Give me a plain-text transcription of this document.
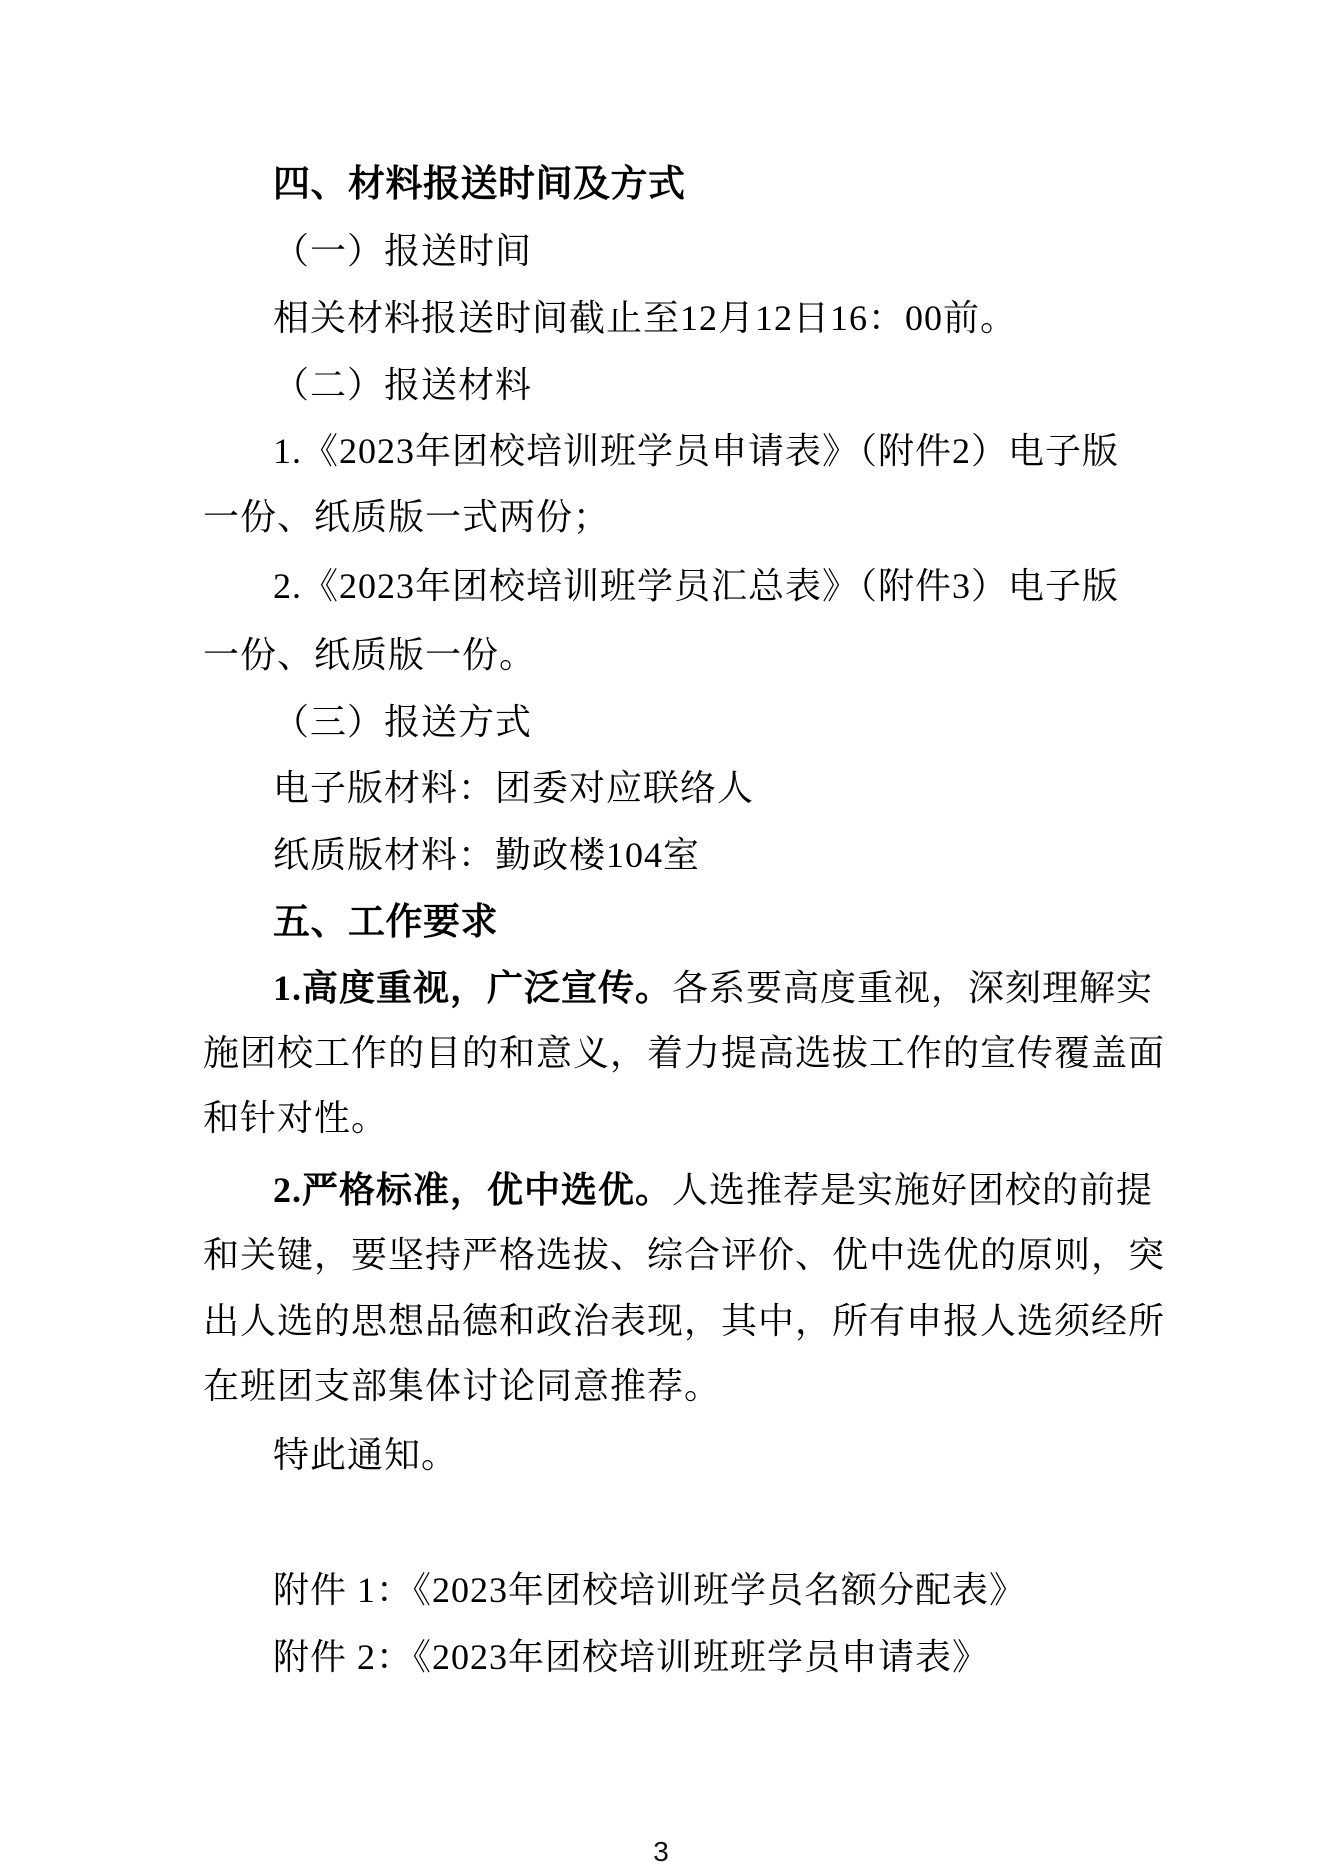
四、材料报送时间及方式
（一）报送时间
相关材料报送时间截止至12月12日16：00前。
（二）报送材料
1.《2023年团校培训班学员申请表》（附件2）电子版
一份、纸质版一式两份；
2.《2023年团校培训班学员汇总表》（附件3）电子版
一份、纸质版一份。
（三）报送方式
电子版材料：团委对应联络人
纸质版材料：勤政楼104室
五、工作要求
1.高度重视，广泛宣传。各系要高度重视，深刻理解实
施团校工作的目的和意义，着力提高选拔工作的宣传覆盖面
和针对性。
2.严格标准，优中选优。人选推荐是实施好团校的前提
和关键，要坚持严格选拔、综合评价、优中选优的原则，突
出人选的思想品德和政治表现，其中，所有申报人选须经所
在班团支部集体讨论同意推荐。
特此通知。
附件 1：《2023年团校培训班学员名额分配表》
附件 2：《2023年团校培训班班学员申请表》
3
